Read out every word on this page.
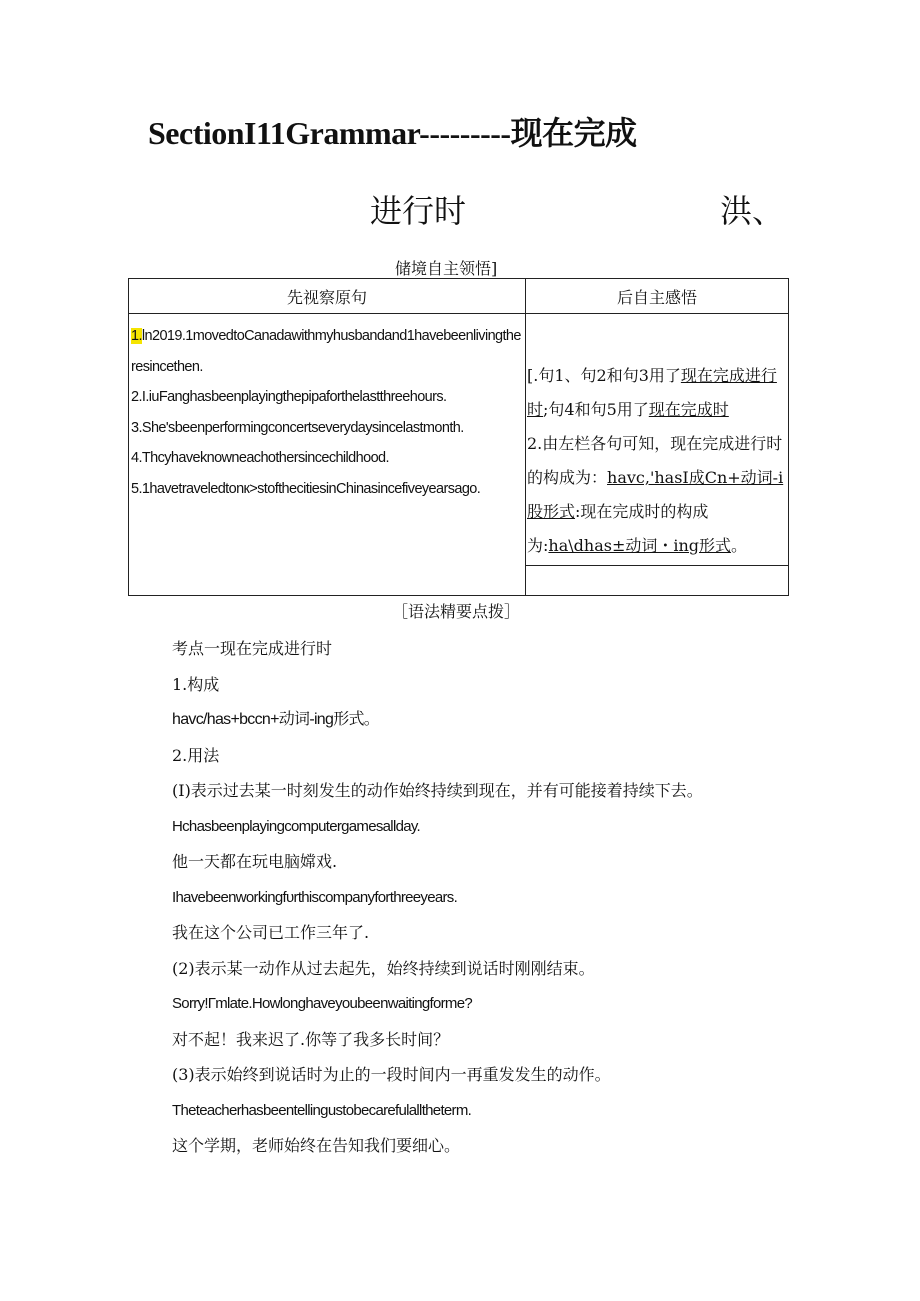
SectionI11Grammar---------现在完成
进行时	洪、
储境自主领悟]
先视察原句	后自主感悟

1.ln2019.1movedtoCanadawithmyhusbandand1havebeenlivingtheresincethen.

2.I.iuFanghasbeenplayingthepipaforthelastthreehours.

3.She'sbeenperformingconcertseverydaysincelastmonth.

4.Thcyhaveknowneachothersincechildhood.

5.1havetraveledtonк>stofthecitiesinChinasincefiveyearsago.

[.句1、句2和句3用了现在完成进行时;句4和句5用了现在完成时

2.由左栏各句可知，现在完成进行时的构成为：havc,'hasI成Cn+动词-i股形式:现在完成时的构成为:ha\dhas±动词・ing形式。

［语法精要点拨］

考点一现在完成进行时

1.构成

havc/has+bccn+动词-ing形式。

2.用法

(I)表示过去某一时刻发生的动作始终持续到现在，并有可能接着持续下去。

Hchasbeenplayingcomputergamesallday.

他一天都在玩电脑嫦戏.

Ihavebeenworkingfυrthiscompanyforthreeyears.

我在这个公司已工作三年了.

(2)表示某一动作从过去起先，始终持续到说话时刚刚结束。

Sorry!Гmlate.Howlonghaveyoubeenwaitingforme?

对不起！我来迟了.你等了我多长时间？

(3)表示始终到说话时为止的一段时间内一再重发发生的动作。

Theteacherhasbeentellingustobecarefulalltheterm.

这个学期，老师始终在告知我们要细心。
